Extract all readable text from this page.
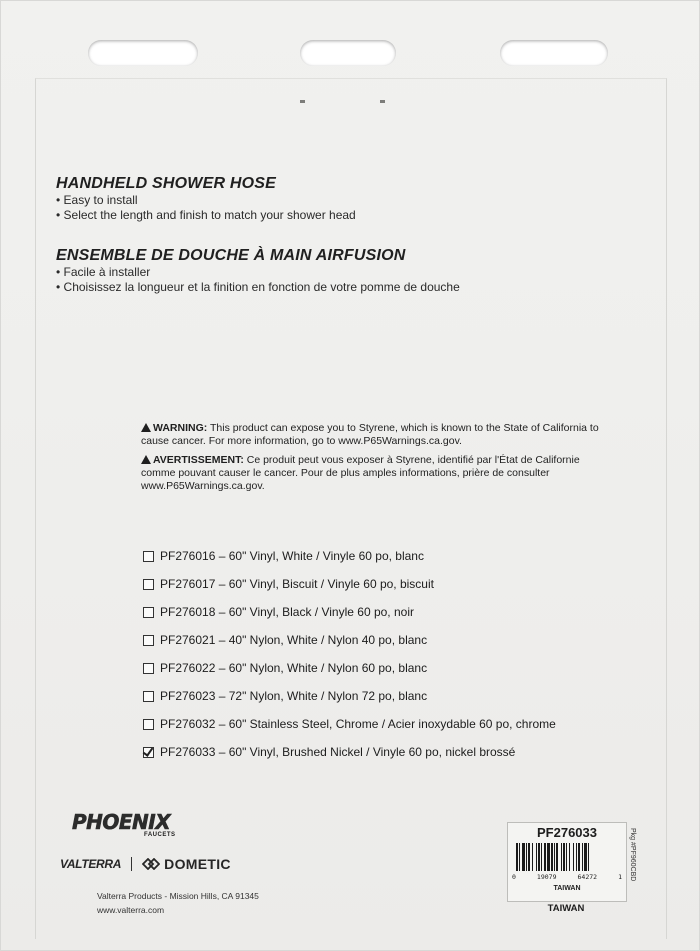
HANDHELD SHOWER HOSE

• Easy to install

• Select the length and finish to match your shower head

ENSEMBLE DE DOUCHE À MAIN AIRFUSION

• Facile à installer

• Choisissez la longueur et la finition en fonction de votre pomme de douche

WARNING: This product can expose you to Styrene, which is known to the State of California to cause cancer. For more information, go to www.P65Warnings.ca.gov.
AVERTISSEMENT: Ce produit peut vous exposer à Styrene, identifié par l'État de Californie comme pouvant causer le cancer. Pour de plus amples informations, prière de consulter www.P65Warnings.ca.gov.
PF276016 – 60" Vinyl, White / Vinyle 60 po, blanc
PF276017 – 60" Vinyl, Biscuit / Vinyle 60 po, biscuit
PF276018 – 60" Vinyl, Black / Vinyle 60 po, noir
PF276021 – 40" Nylon, White / Nylon 40 po, blanc
PF276022 – 60" Nylon, White / Nylon 60 po, blanc
PF276023 – 72" Nylon, White / Nylon 72 po, blanc
PF276032 – 60" Stainless Steel, Chrome / Acier inoxydable 60 po, chrome
PF276033 – 60" Vinyl, Brushed Nickel / Vinyle 60 po, nickel brossé
PHOENIX
FAUCETS
VALTERRA	DOMETIC
Valterra Products - Mission Hills, CA 91345
www.valterra.com
PF276033
0	19079	64272	1
TAIWAN
TAIWAN
Pkg #PF960CBD
